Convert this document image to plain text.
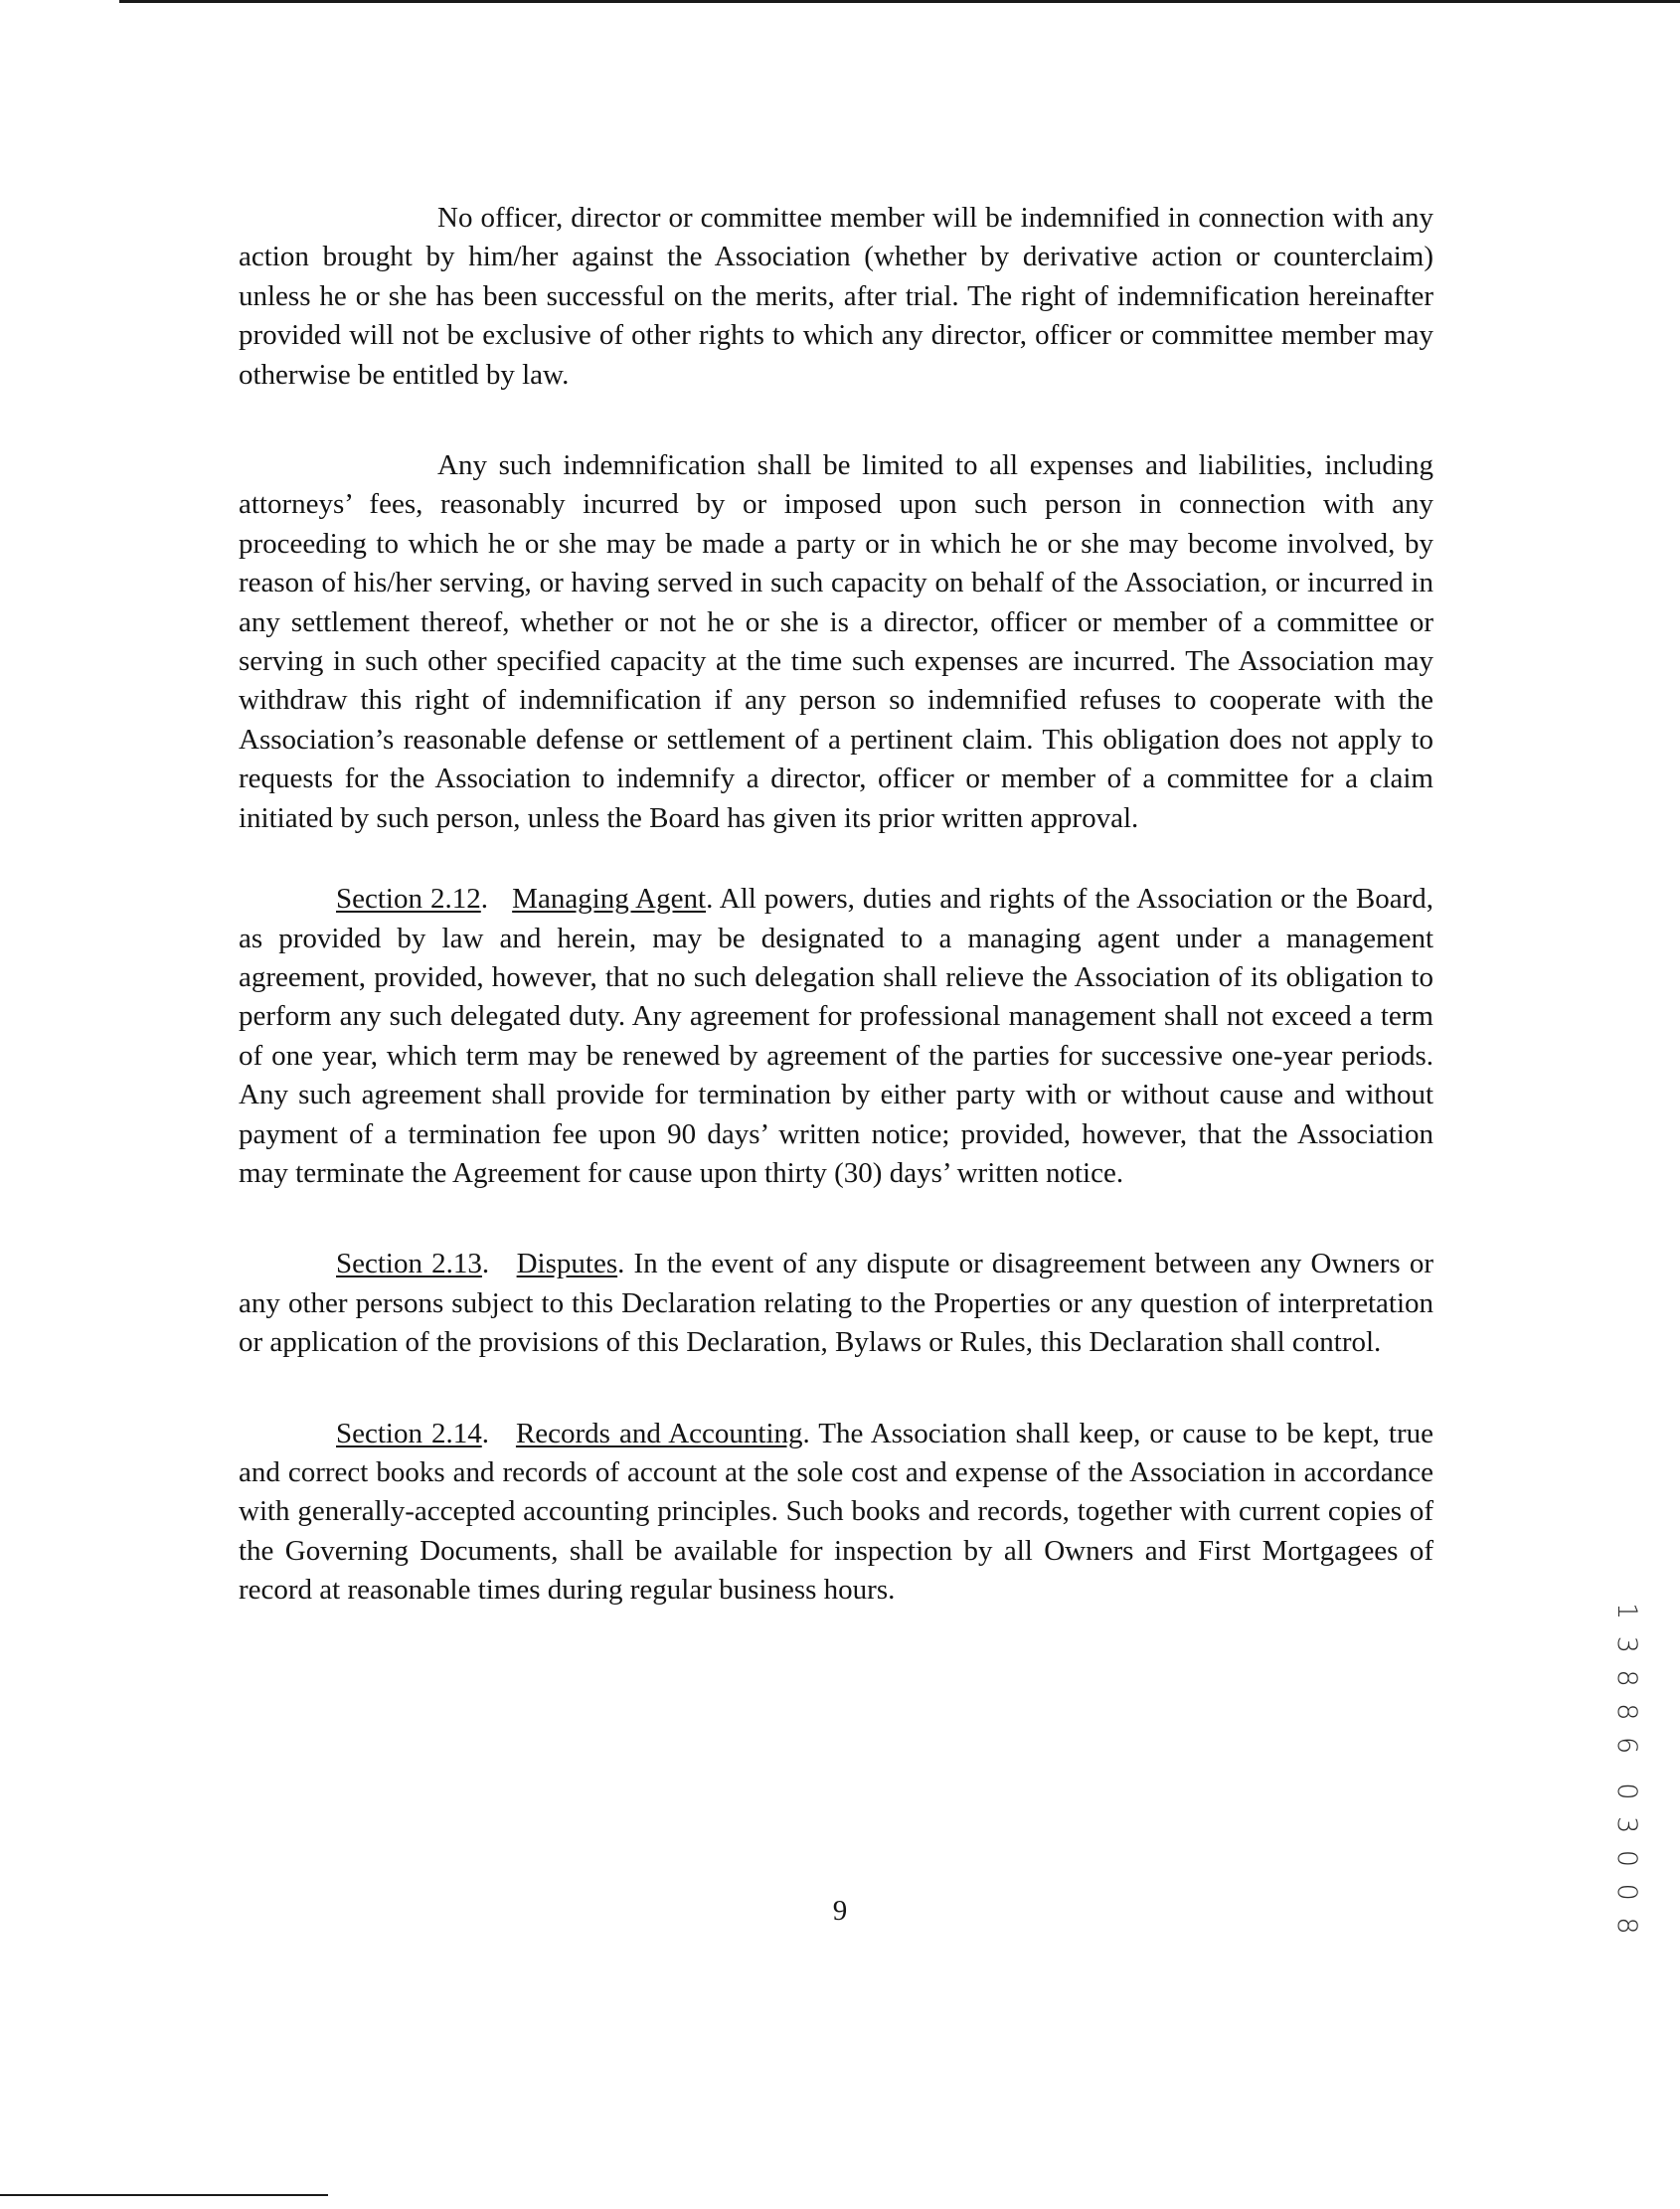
No officer, director or committee member will be indemnified in connection with any action brought by him/her against the Association (whether by derivative action or counterclaim) unless he or she has been successful on the merits, after trial. The right of indemnification hereinafter provided will not be exclusive of other rights to which any director, officer or committee member may otherwise be entitled by law.

Any such indemnification shall be limited to all expenses and liabilities, including attorneys’ fees, reasonably incurred by or imposed upon such person in connection with any proceeding to which he or she may be made a party or in which he or she may become involved, by reason of his/her serving, or having served in such capacity on behalf of the Association, or incurred in any settlement thereof, whether or not he or she is a director, officer or member of a committee or serving in such other specified capacity at the time such expenses are incurred. The Association may withdraw this right of indemnification if any person so indemnified refuses to cooperate with the Association’s reasonable defense or settlement of a pertinent claim. This obligation does not apply to requests for the Association to indemnify a director, officer or member of a committee for a claim initiated by such person, unless the Board has given its prior written approval.

Section 2.12.   Managing Agent. All powers, duties and rights of the Association or the Board, as provided by law and herein, may be designated to a managing agent under a management agreement, provided, however, that no such delegation shall relieve the Association of its obligation to perform any such delegated duty. Any agreement for professional management shall not exceed a term of one year, which term may be renewed by agreement of the parties for successive one-year periods. Any such agreement shall provide for termination by either party with or without cause and without payment of a termination fee upon 90 days’ written notice; provided, however, that the Association may terminate the Agreement for cause upon thirty (30) days’ written notice.

Section 2.13.   Disputes. In the event of any dispute or disagreement between any Owners or any other persons subject to this Declaration relating to the Properties or any question of interpretation or application of the provisions of this Declaration, Bylaws or Rules, this Declaration shall control.

Section 2.14.   Records and Accounting. The Association shall keep, or cause to be kept, true and correct books and records of account at the sole cost and expense of the Association in accordance with generally-accepted accounting principles. Such books and records, together with current copies of the Governing Documents, shall be available for inspection by all Owners and First Mortgagees of record at reasonable times during regular business hours.

9	1 3 8 8 6  0 3 0 0 8
